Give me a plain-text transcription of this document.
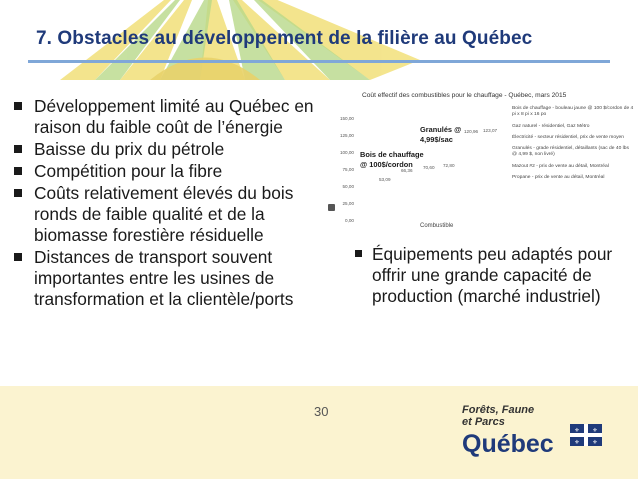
7. Obstacles au développement de la filière au Québec
Développement limité au Québec en raison du faible coût de l’énergie
Baisse du prix du pétrole
Compétition pour la fibre
Coûts relativement élevés du bois ronds de faible qualité et de la biomasse forestière résiduelle
Distances de transport souvent importantes entre les usines de transformation et la clientèle/ports
Coût effectif des combustibles pour le chauffage - Québec, mars 2015
150,00
125,00
100,00
75,00
50,00
25,00
0,00
53,09
66,36
70,60 72,80
120,96 123,07
Bois de chauffage @ 100$/cordon
Granulés @ 4,99$/sac
Combustible
Bois de chauffage - bouleau jaune @ 100 $/cordon de 4 pi x 8 pi x 16 po
Gaz naturel - résidentiel, Gaz Métro
Électricité - secteur résidentiel, prix de vente moyen
Granulés - grade résidentiel, détaillants (sac de 40 lbs @ 4,99 $, non livré)
Mazout #2 - prix de vente au détail, Montréal
Propane - prix de vente au détail, Montréal
Équipements peu adaptés pour offrir une grande capacité de production (marché industriel)
30	Forêts, Faune
et Parcs
Québec	⚜ ⚜
⚜ ⚜
